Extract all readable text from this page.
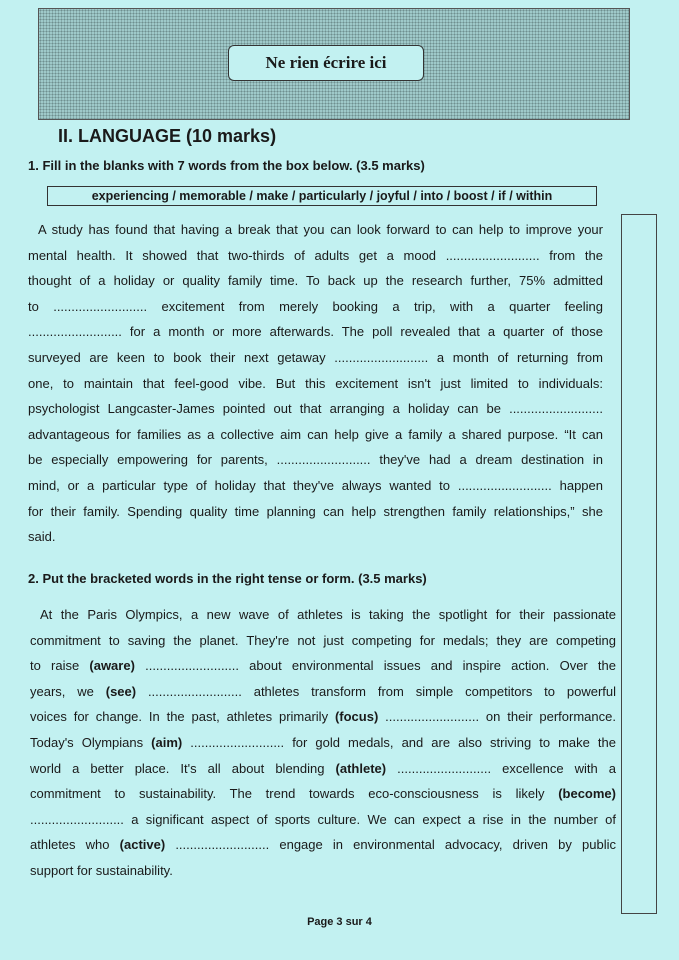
Ne rien écrire ici
II. LANGUAGE (10 marks)
1. Fill in the blanks with 7 words from the box below. (3.5 marks)
experiencing / memorable / make / particularly / joyful / into / boost / if / within
A study has found that having a break that you can look forward to can help to improve your
mental health. It showed that two-thirds of adults get a mood .......................... from the
thought of a holiday or quality family time. To back up the research further, 75% admitted
to .......................... excitement from merely booking a trip, with a quarter feeling
.......................... for a month or more afterwards. The poll revealed that a quarter of those
surveyed are keen to book their next getaway .......................... a month of returning from
one, to maintain that feel-good vibe. But this excitement isn't just limited to individuals:
psychologist Langcaster-James pointed out that arranging a holiday can be ..........................
advantageous for families as a collective aim can help give a family a shared purpose. “It can
be especially empowering for parents, .......................... they've had a dream destination in
mind, or a particular type of holiday that they've always wanted to .......................... happen
for their family. Spending quality time planning can help strengthen family relationships,” she
said.
2. Put the bracketed words in the right tense or form. (3.5 marks)
At the Paris Olympics, a new wave of athletes is taking the spotlight for their passionate
commitment to saving the planet. They're not just competing for medals; they are competing
to raise (aware) .......................... about environmental issues and inspire action. Over the
years, we (see) .......................... athletes transform from simple competitors to powerful
voices for change. In the past, athletes primarily (focus) .......................... on their performance.
Today's Olympians (aim) .......................... for gold medals, and are also striving to make the
world a better place. It's all about blending (athlete) .......................... excellence with a
commitment to sustainability. The trend towards eco-consciousness is likely (become)
.......................... a significant aspect of sports culture. We can expect a rise in the number of
athletes who (active) .......................... engage in environmental advocacy, driven by public
support for sustainability.
Page 3 sur 4
